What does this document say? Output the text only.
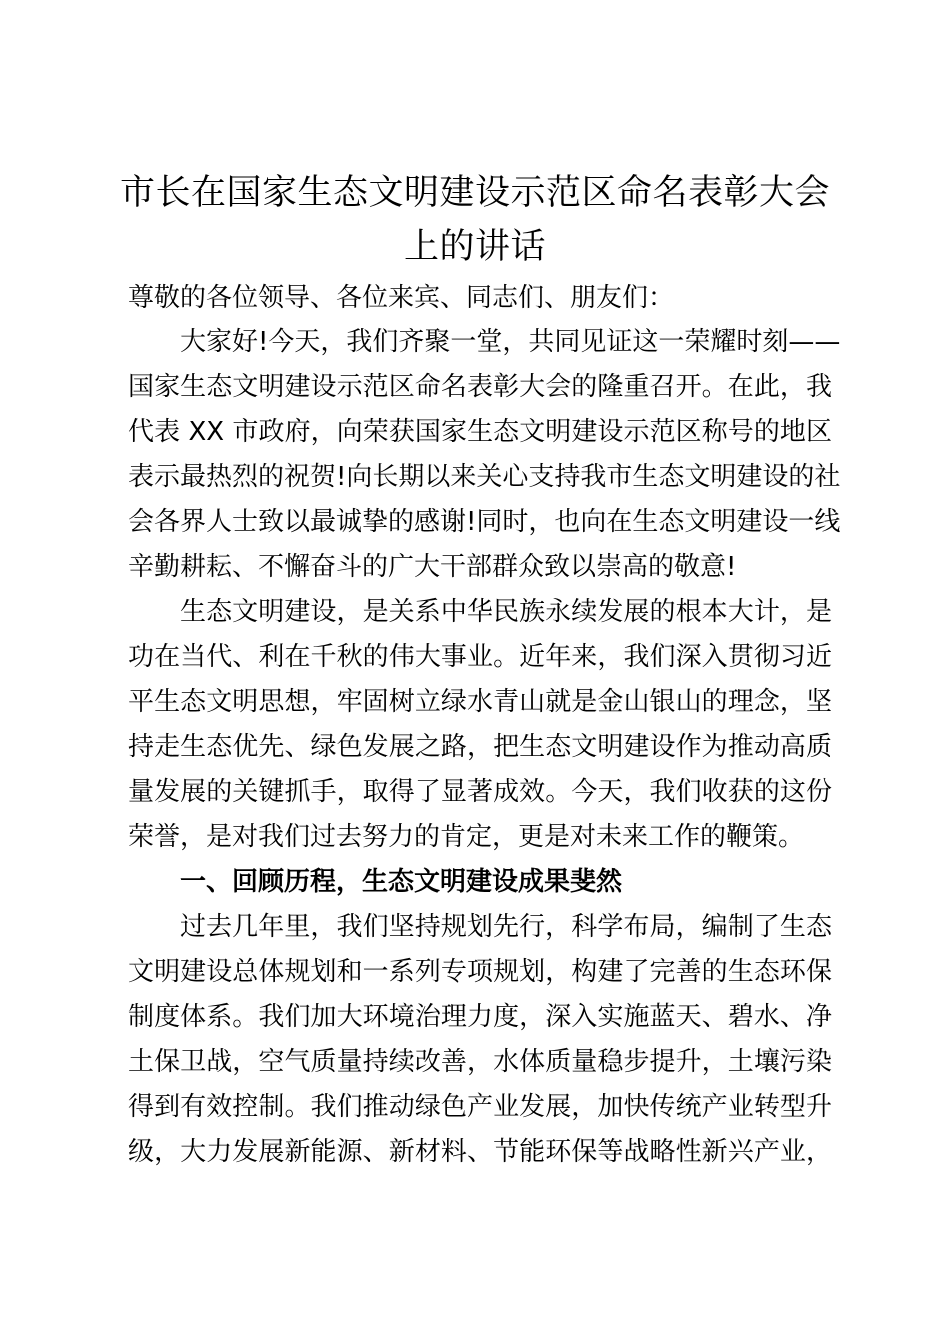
市长在国家生态文明建设示范区命名表彰大会
上的讲话

尊敬的各位领导、各位来宾、同志们、朋友们：

大家好!今天，我们齐聚一堂，共同见证这一荣耀时刻——

国家生态文明建设示范区命名表彰大会的隆重召开。在此，我

代表 XX 市政府，向荣获国家生态文明建设示范区称号的地区

表示最热烈的祝贺!向长期以来关心支持我市生态文明建设的社

会各界人士致以最诚挚的感谢!同时，也向在生态文明建设一线

辛勤耕耘、不懈奋斗的广大干部群众致以崇高的敬意!

生态文明建设，是关系中华民族永续发展的根本大计，是

功在当代、利在千秋的伟大事业。近年来，我们深入贯彻习近

平生态文明思想，牢固树立绿水青山就是金山银山的理念，坚

持走生态优先、绿色发展之路，把生态文明建设作为推动高质

量发展的关键抓手，取得了显著成效。今天，我们收获的这份

荣誉，是对我们过去努力的肯定，更是对未来工作的鞭策。

一、回顾历程，生态文明建设成果斐然

过去几年里，我们坚持规划先行，科学布局，编制了生态

文明建设总体规划和一系列专项规划，构建了完善的生态环保

制度体系。我们加大环境治理力度，深入实施蓝天、碧水、净

土保卫战，空气质量持续改善，水体质量稳步提升，土壤污染

得到有效控制。我们推动绿色产业发展，加快传统产业转型升

级，大力发展新能源、新材料、节能环保等战略性新兴产业，
